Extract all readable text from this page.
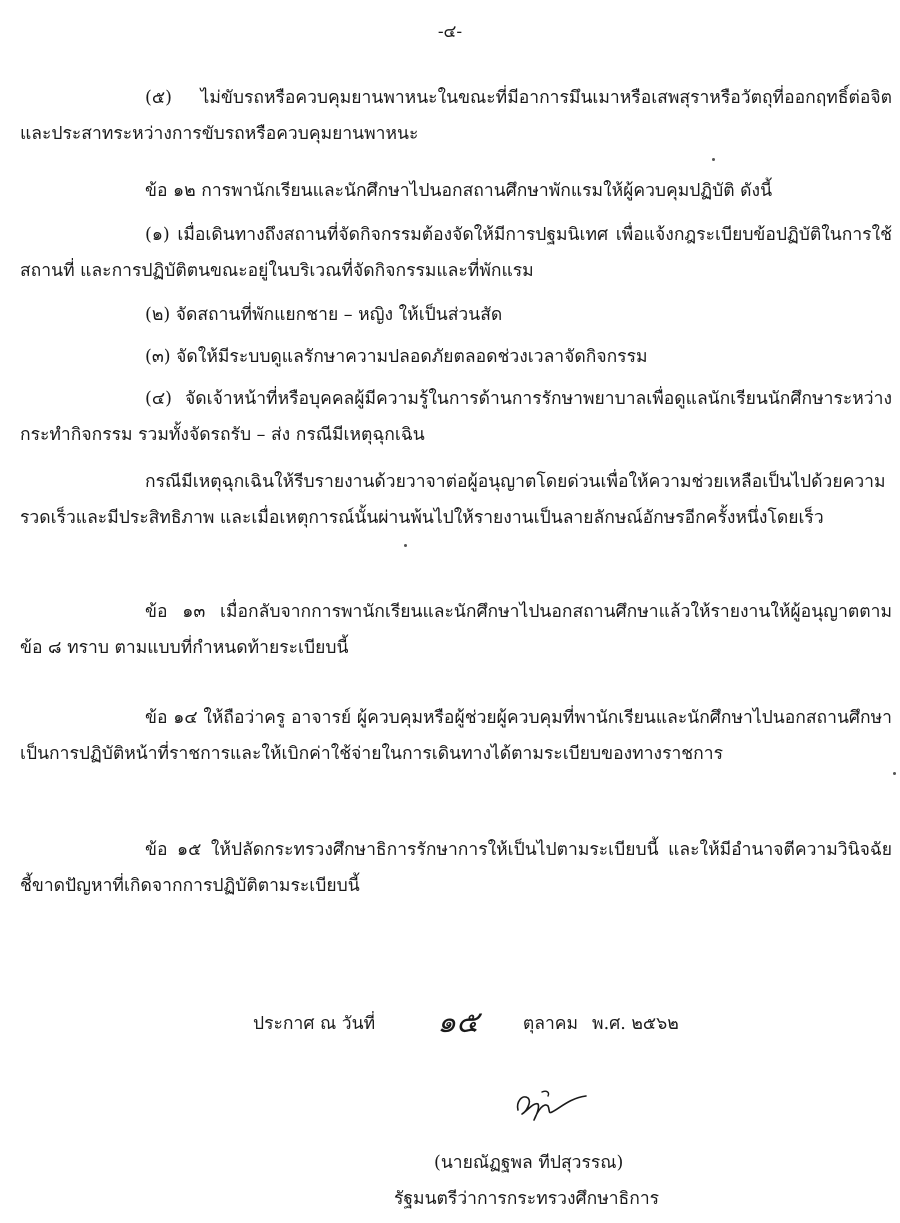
-๔-

(๕) ไม่ขับรถหรือควบคุมยานพาหนะในขณะที่มีอาการมึนเมาหรือเสพสุราหรือวัตถุที่ออกฤทธิ์ต่อจิตและประสาทระหว่างการขับรถหรือควบคุมยานพาหนะ

ข้อ ๑๒ การพานักเรียนและนักศึกษาไปนอกสถานศึกษาพักแรมให้ผู้ควบคุมปฏิบัติ ดังนี้

(๑) เมื่อเดินทางถึงสถานที่จัดกิจกรรมต้องจัดให้มีการปฐมนิเทศ เพื่อแจ้งกฎระเบียบข้อปฏิบัติในการใช้สถานที่ และการปฏิบัติตนขณะอยู่ในบริเวณที่จัดกิจกรรมและที่พักแรม

(๒) จัดสถานที่พักแยกชาย – หญิง ให้เป็นส่วนสัด

(๓) จัดให้มีระบบดูแลรักษาความปลอดภัยตลอดช่วงเวลาจัดกิจกรรม

(๔) จัดเจ้าหน้าที่หรือบุคคลผู้มีความรู้ในการด้านการรักษาพยาบาลเพื่อดูแลนักเรียนนักศึกษาระหว่างกระทำกิจกรรม รวมทั้งจัดรถรับ – ส่ง กรณีมีเหตุฉุกเฉิน

กรณีมีเหตุฉุกเฉินให้รีบรายงานด้วยวาจาต่อผู้อนุญาตโดยด่วนเพื่อให้ความช่วยเหลือเป็นไปด้วยความรวดเร็วและมีประสิทธิภาพ และเมื่อเหตุการณ์นั้นผ่านพ้นไปให้รายงานเป็นลายลักษณ์อักษรอีกครั้งหนึ่งโดยเร็ว

ข้อ ๑๓ เมื่อกลับจากการพานักเรียนและนักศึกษาไปนอกสถานศึกษาแล้วให้รายงานให้ผู้อนุญาตตามข้อ ๘ ทราบ ตามแบบที่กำหนดท้ายระเบียบนี้

ข้อ ๑๔ ให้ถือว่าครู อาจารย์ ผู้ควบคุมหรือผู้ช่วยผู้ควบคุมที่พานักเรียนและนักศึกษาไปนอกสถานศึกษาเป็นการปฏิบัติหน้าที่ราชการและให้เบิกค่าใช้จ่ายในการเดินทางได้ตามระเบียบของทางราชการ

ข้อ ๑๕ ให้ปลัดกระทรวงศึกษาธิการรักษาการให้เป็นไปตามระเบียบนี้ และให้มีอำนาจตีความวินิจฉัยชี้ขาดปัญหาที่เกิดจากการปฏิบัติตามระเบียบนี้

ประกาศ ณ วันที่ ๑๕	ตุลาคม พ.ศ. ๒๕๖๒
(นายณัฏฐพล ทีปสุวรรณ)
รัฐมนตรีว่าการกระทรวงศึกษาธิการ
